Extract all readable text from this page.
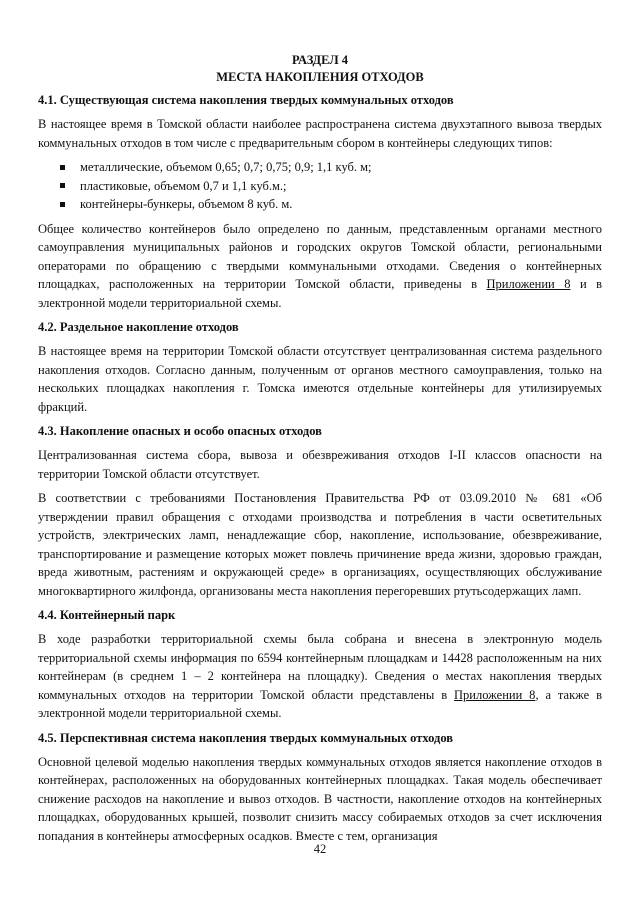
РАЗДЕЛ 4
МЕСТА НАКОПЛЕНИЯ ОТХОДОВ
4.1. Существующая система накопления твердых коммунальных отходов

В настоящее время в Томской области наиболее распространена система двухэтапного вывоза твердых коммунальных отходов в том числе с предварительным сбором в контейнеры следующих типов:

металлические, объемом 0,65; 0,7; 0,75; 0,9; 1,1 куб. м;
пластиковые, объемом 0,7 и 1,1 куб.м.;
контейнеры-бункеры, объемом 8 куб. м.

Общее количество контейнеров было определено по данным, представленным органами местного самоуправления муниципальных районов и городских округов Томской области, региональными операторами по обращению с твердыми коммунальными отходами. Сведения о контейнерных площадках, расположенных на территории Томской области, приведены в Приложении 8 и в электронной модели территориальной схемы.

4.2. Раздельное накопление отходов

В настоящее время на территории Томской области отсутствует централизованная система раздельного накопления отходов. Согласно данным, полученным от органов местного самоуправления, только на нескольких площадках накопления г. Томска имеются отдельные контейнеры для утилизируемых фракций.

4.3. Накопление опасных и особо опасных отходов

Централизованная система сбора, вывоза и обезвреживания отходов I-II классов опасности на территории Томской области отсутствует.

В соответствии с требованиями Постановления Правительства РФ от 03.09.2010 № 681 «Об утверждении правил обращения с отходами производства и потребления в части осветительных устройств, электрических ламп, ненадлежащие сбор, накопление, использование, обезвреживание, транспортирование и размещение которых может повлечь причинение вреда жизни, здоровью граждан, вреда животным, растениям и окружающей среде» в организациях, осуществляющих обслуживание многоквартирного жилфонда, организованы места накопления перегоревших ртутьсодержащих ламп.

4.4. Контейнерный парк

В ходе разработки территориальной схемы была собрана и внесена в электронную модель территориальной схемы информация по 6594 контейнерным площадкам и 14428 расположенным на них контейнерам (в среднем 1 – 2 контейнера на площадку). Сведения о местах накопления твердых коммунальных отходов на территории Томской области представлены в Приложении 8, а также в электронной модели территориальной схемы.

4.5. Перспективная система накопления твердых коммунальных отходов

Основной целевой моделью накопления твердых коммунальных отходов является накопление отходов в контейнерах, расположенных на оборудованных контейнерных площадках. Такая модель обеспечивает снижение расходов на накопление и вывоз отходов. В частности, накопление отходов на контейнерных площадках, оборудованных крышей, позволит снизить массу собираемых отходов за счет исключения попадания в контейнеры атмосферных осадков. Вместе с тем, организация

42
